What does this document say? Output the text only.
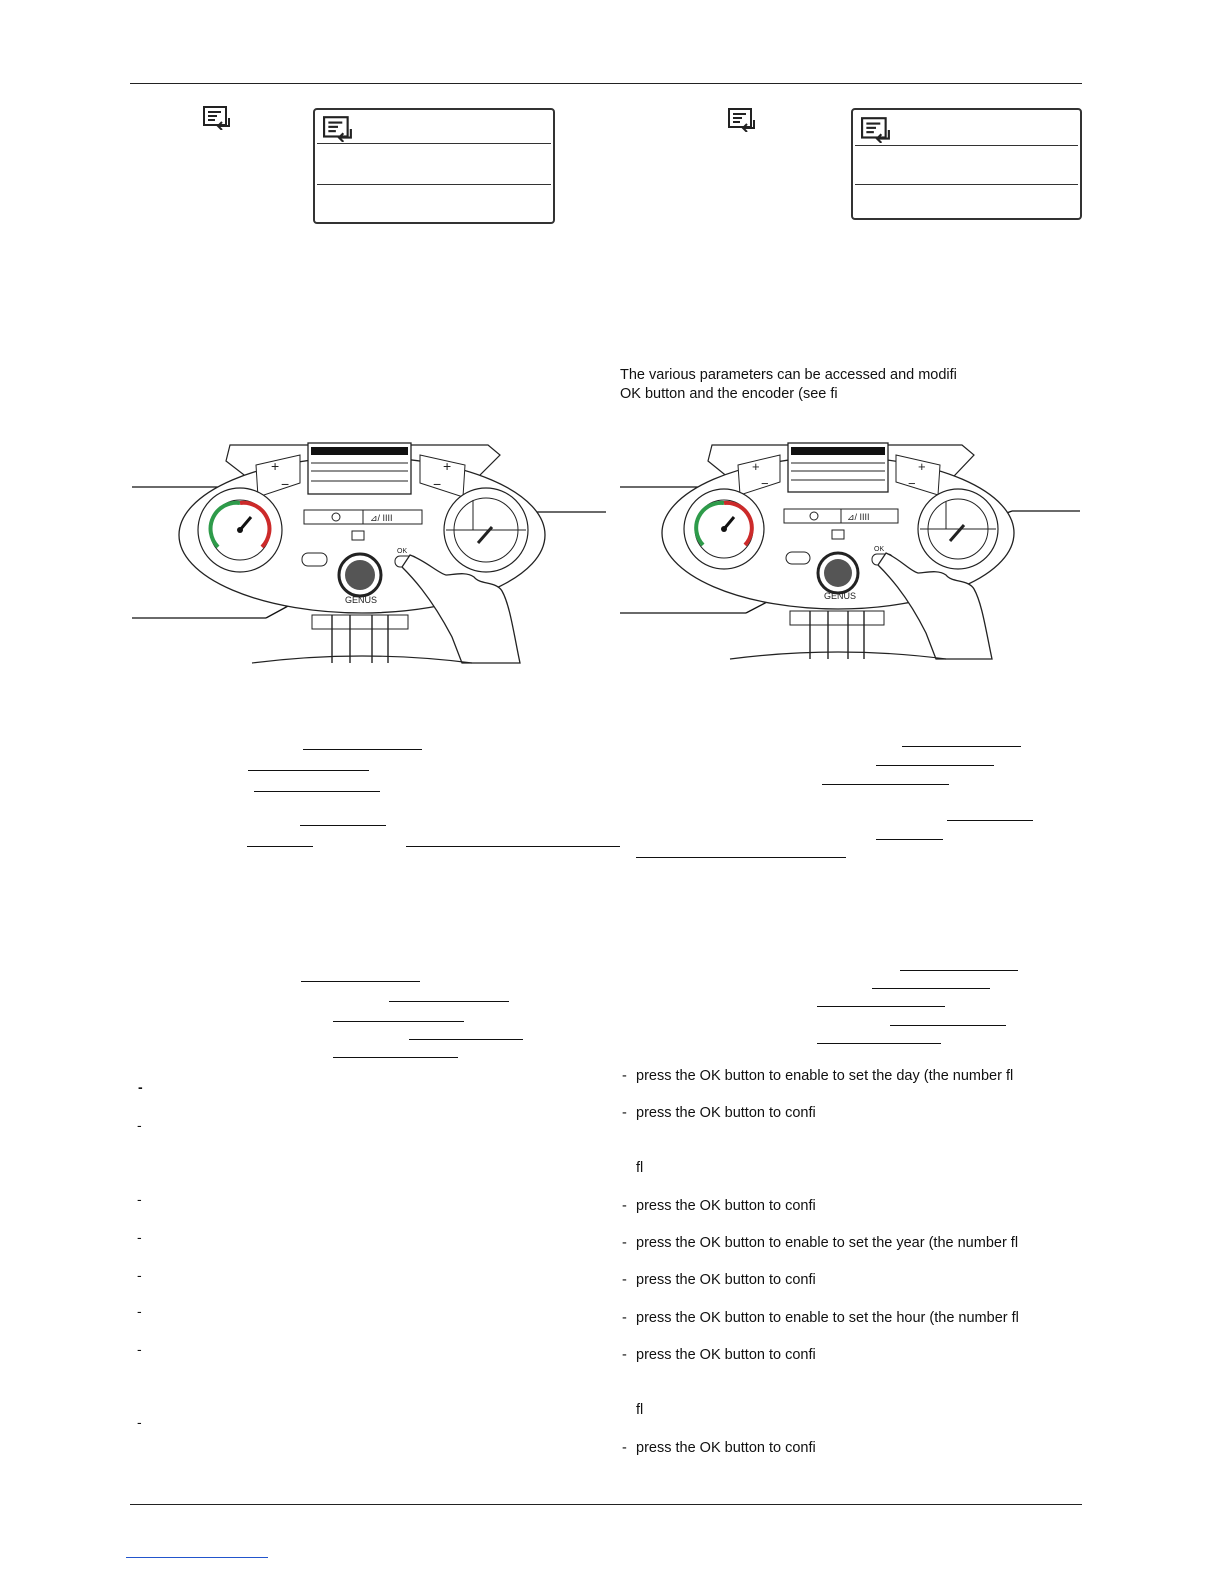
The various parameters can be accessed and modifi
OK button and the encoder (see fi
+
−
+
−
⊿/ IIII
GENUS
OK
+
−
+
−
⊿/ IIII
GENUS
OK
-
-
-
-
-
-
-
-
- press the OK button to enable to set the day (the number fl
- press the OK button to confi
fl
- press the OK button to confi
- press the OK button to enable to set the year (the number fl
- press the OK button to confi
- press the OK button to enable to set the hour (the number fl
- press the OK button to confi
fl
- press the OK button to confi
